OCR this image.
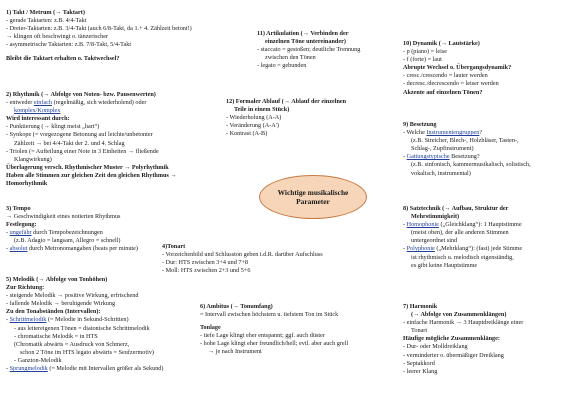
Wichtige musikalische
Parameter
1) Takt / Metrum (→ Taktart)
- gerade Taktarten: z.B. 4/4-Takt
- Dreier-Taktarten: z.B. 3/4-Takt (auch 6/8-Takt, da 1.+ 4. Zählzeit betont!)
→ klingen oft beschwingt o. tänzerischer
- asymmetrische Taktarten: z.B. 7/8-Takt, 5/4-Takt
Bleibt die Taktart erhalten o. Taktwechsel?
2) Rhythmik (→ Abfolge von Noten- bzw. Pausenwerten)
- entweder einfach (regelmäßig, sich wiederholend) oder
komplex/Komplex
Wird interessant durch:
- Punktierung (→ klingt meist „hart“)
- Synkope (= vorgezogene Betonung auf leichte/unbetonter
Zählzeit → bei 4/4-Takt der 2. und 4. Schlag
- Triolen (= Aufteilung einer Note in 3 Einheiten → fließende
Klangwirkung)
Überlagerung versch. Rhythmischer Muster → Polyrhythmik
Haben alle Stimmen zur gleichen Zeit den gleichen Rhythmus →
Homorhythmik
3) Tempo
→ Geschwindigkeit eines notierten Rhythmus
Festlegung:
- ungefähr durch Tempobezeichnungen
(z.B. Adagio = langsam, Allegro = schnell)
- absolut durch Metronomangaben (beats per minute)
5) Melodik (→ Abfolge von Tonhöhen)
Zur Richtung:
- steigende Melodik → positive Wirkung, erfrischend
- fallende Melodik → beruhigende Wirkung
Zu den Tonabständen (Intervallen):
- Schrittmelodik (= Melodie in Sekund-Schritten)
- aus leitereigenen Tönen = diatonische Schrittmelodik
- chromatische Melodik = in HTS
(Chromatik abwärts = Ausdruck von Schmerz,
schon 2 Töne im HTS legato abwärts = Seufzermotiv)
- Ganzton-Melodik
- Sprungmelodik (= Melodie mit Intervallen größer als Sekund)
11) Artikulation (→ Verbinden der
einzelnen Töne untereinander)
- staccato = gestoßen; deutliche Trennung
zwischen den Tönen
- legato = gebunden
12) Formaler Ablauf (→ Ablauf der einzelnen
Teile in einem Stück)
- Wiederholung (A-A)
- Veränderung (A-A')
- Kontrast (A-B)
4)Tonart
- Vorzeichenbild und Schlusston geben i.d.R. darüber Aufschluss
- Dur: HTS zwischen 3+4 und 7+8
- Moll: HTS zwischen 2+3 und 5+6
6) Ambitus (→ Tonumfang)
= Intervall zwischen höchstem u. tiefstem Ton im Stück
Tonlage
- tiefe Lage klingt eher entspannt; ggf. auch düster
- hohe Lage klingt eher freundlich/hell; evtl. aber auch grell
→ je nach Instrument
10) Dynamik (→ Lautstärke)
- p (piano) = leise
- f (forte) = laut
Abrupte Wechsel o. Übergangsdynamik?
- cresc./crescendo = lauter werden
- decresc./decrescendo = leiser werden
Akzente auf einzelnen Tönen?
9) Besetzung
- Welche Instrumentengruppen?
(z.B. Streicher, Blech-, Holzbläser, Tasten-,
Schlag-, Zupfinstrument)
- Gattungstypische Besetzung?
(z.B. sinfonisch, kammermusikalisch, solistisch,
vokalisch, instrumental)
8) Satztechnik (→ Aufbau, Struktur der
Mehrstimmigkeit)
- Homophonie („Gleichklang“): 1 Hauptstimme
(meist oben), der alle anderen Stimmen
untergeordnet sind
- Polyphonie („Mehrklang“): (fast) jede Stimme
ist rhythmisch u. melodisch eigenständig,
es gibt keine Hauptstimme
7) Harmonik
(→ Abfolge von Zusammenklängen)
- einfache Harmonik → 3 Hauptdreiklänge einer
Tonart
Häufige mögliche Zusammenklänge:
- Dur- oder Molldreiklang
- verminderter o. übermäßiger Dreiklang
- Septakkord
- leerer Klang
